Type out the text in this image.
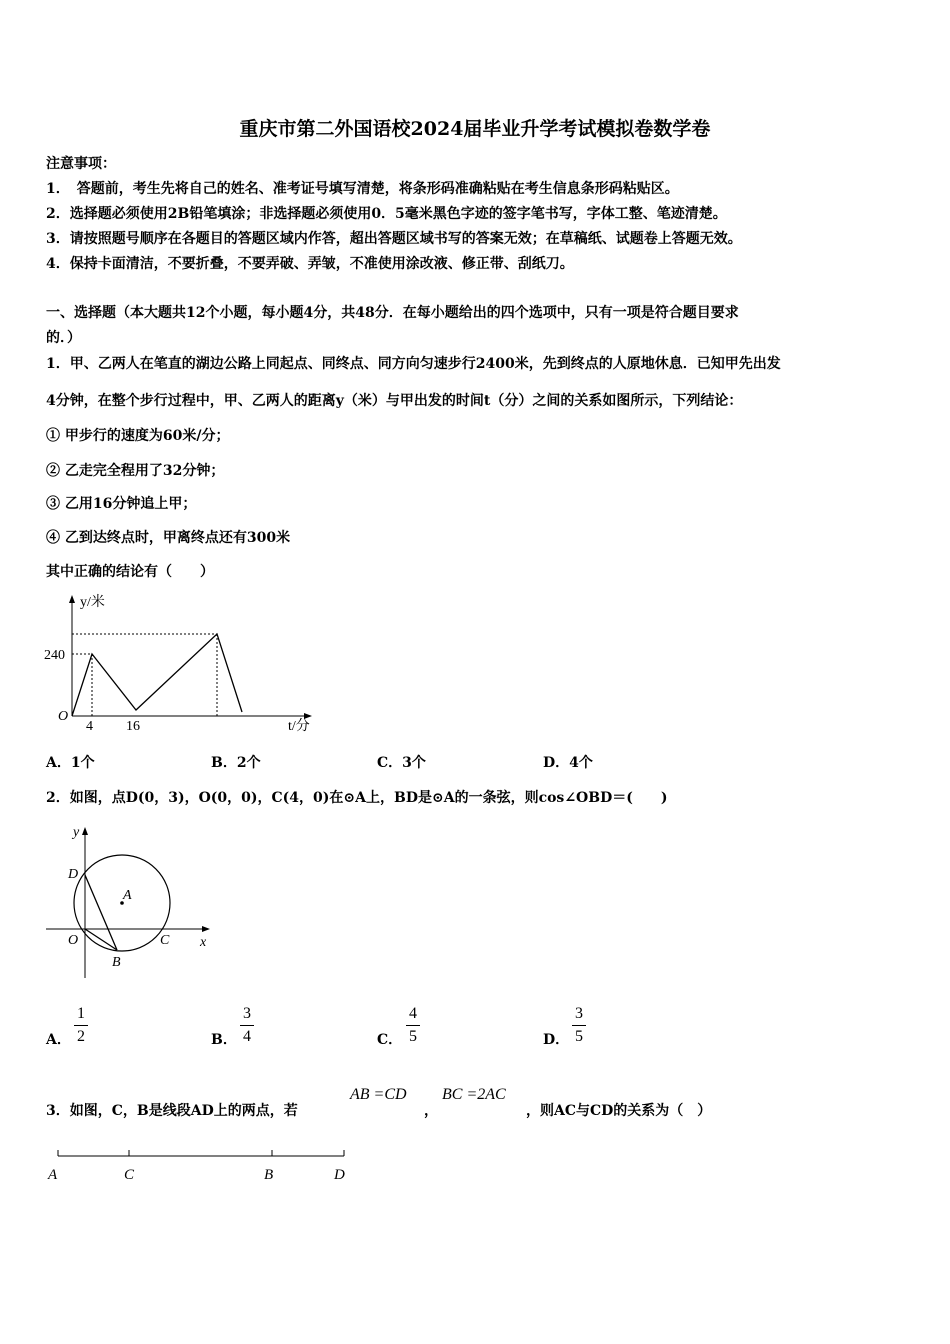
重庆市第二外国语校2024届毕业升学考试模拟卷数学卷
注意事项：
1．　答题前，考生先将自己的姓名、准考证号填写清楚，将条形码准确粘贴在考生信息条形码粘贴区。
2．选择题必须使用2B铅笔填涂；非选择题必须使用0．5毫米黑色字迹的签字笔书写，字体工整、笔迹清楚。
3．请按照题号顺序在各题目的答题区域内作答，超出答题区域书写的答案无效；在草稿纸、试题卷上答题无效。
4．保持卡面清洁，不要折叠，不要弄破、弄皱，不准使用涂改液、修正带、刮纸刀。
一、选择题（本大题共12个小题，每小题4分，共48分．在每小题给出的四个选项中，只有一项是符合题目要求
的．）
1．甲、乙两人在笔直的湖边公路上同起点、同终点、同方向匀速步行2400米，先到终点的人原地休息．已知甲先出发
4分钟，在整个步行过程中，甲、乙两人的距离y（米）与甲出发的时间t（分）之间的关系如图所示，下列结论：
① 甲步行的速度为60米/分；
② 乙走完全程用了32分钟；
③ 乙用16分钟追上甲；
④ 乙到达终点时，甲离终点还有300米
其中正确的结论有（　　）
y/米
t/分
O
240
4 16
A．1个	B．2个	C．3个	D．4个
2．如图，点D(0，3)，O(0，0)，C(4，0)在⊙A上，BD是⊙A的一条弦，则cos∠OBD＝(　　)
y
x
D
A
O	C
B
A．
1
2	B．
3
4	C．
4
5	D．
3
5
3．如图，C，B是线段AD上的两点，若
AB =CD
，
BC =2AC
，则AC与CD的关系为（　）
A	C	B	D
